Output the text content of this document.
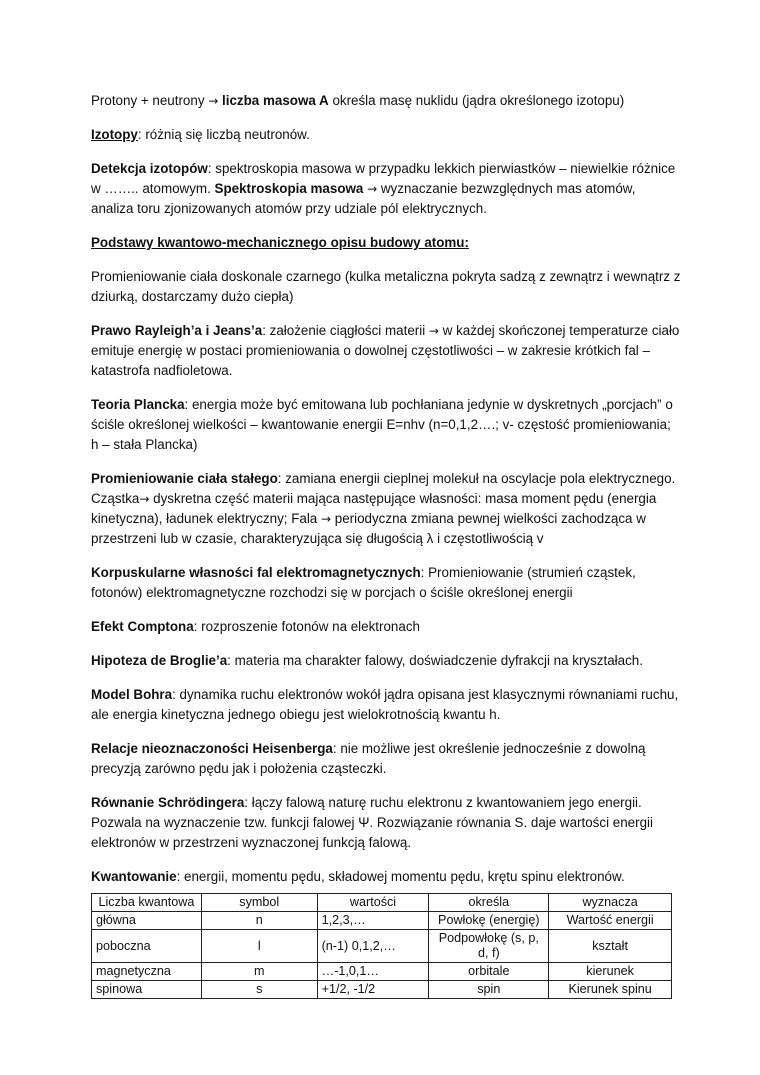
Protony + neutrony → liczba masowa A określa masę nuklidu (jądra określonego izotopu)

Izotopy: różnią się liczbą neutronów.

Detekcja izotopów: spektroskopia masowa w przypadku lekkich pierwiastków – niewielkie różnice w …….. atomowym. Spektroskopia masowa → wyznaczanie bezwzględnych mas atomów, analiza toru zjonizowanych atomów przy udziale pól elektrycznych.

Podstawy kwantowo-mechanicznego opisu budowy atomu:

Promieniowanie ciała doskonale czarnego (kulka metaliczna pokryta sadzą z zewnątrz i wewnątrz z dziurką, dostarczamy dużo ciepła)

Prawo Rayleigh’a i Jeans’a: założenie ciągłości materii → w każdej skończonej temperaturze ciało emituje energię w postaci promieniowania o dowolnej częstotliwości – w zakresie krótkich fal – katastrofa nadfioletowa.

Teoria Plancka: energia może być emitowana lub pochłaniana jedynie w dyskretnych „porcjach” o ściśle określonej wielkości – kwantowanie energii E=nhv (n=0,1,2….; v- częstość promieniowania; h – stała Plancka)

Promieniowanie ciała stałego: zamiana energii cieplnej molekuł na oscylacje pola elektrycznego. Cząstka→ dyskretna część materii mająca następujące własności: masa moment pędu (energia kinetyczna), ładunek elektryczny; Fala → periodyczna zmiana pewnej wielkości zachodząca w przestrzeni lub w czasie, charakteryzująca się długością λ i częstotliwością v

Korpuskularne własności fal elektromagnetycznych: Promieniowanie (strumień cząstek, fotonów) elektromagnetyczne rozchodzi się w porcjach o ściśle określonej energii

Efekt Comptona: rozproszenie fotonów na elektronach

Hipoteza de Broglie’a: materia ma charakter falowy, doświadczenie dyfrakcji na kryształach.

Model Bohra: dynamika ruchu elektronów wokół jądra opisana jest klasycznymi równaniami ruchu, ale energia kinetyczna jednego obiegu jest wielokrotnością kwantu h.

Relacje nieoznaczoności Heisenberga: nie możliwe jest określenie jednocześnie z dowolną precyzją zarówno pędu jak i położenia cząsteczki.

Równanie Schrödingera: łączy falową naturę ruchu elektronu z kwantowaniem jego energii. Pozwala na wyznaczenie tzw. funkcji falowej Ψ. Rozwiązanie równania S. daje wartości energii elektronów w przestrzeni wyznaczonej funkcją falową.

Kwantowanie: energii, momentu pędu, składowej momentu pędu, krętu spinu elektronów.

Liczba kwantowa	symbol	wartości	określa	wyznacza
główna	n	1,2,3,…	Powłokę (energię)	Wartość energii
poboczna	l	(n-1) 0,1,2,…	Podpowłokę (s, p, d, f)	kształt
magnetyczna	m	…-1,0,1…	orbitale	kierunek
spinowa	s	+1/2, -1/2	spin	Kierunek spinu
